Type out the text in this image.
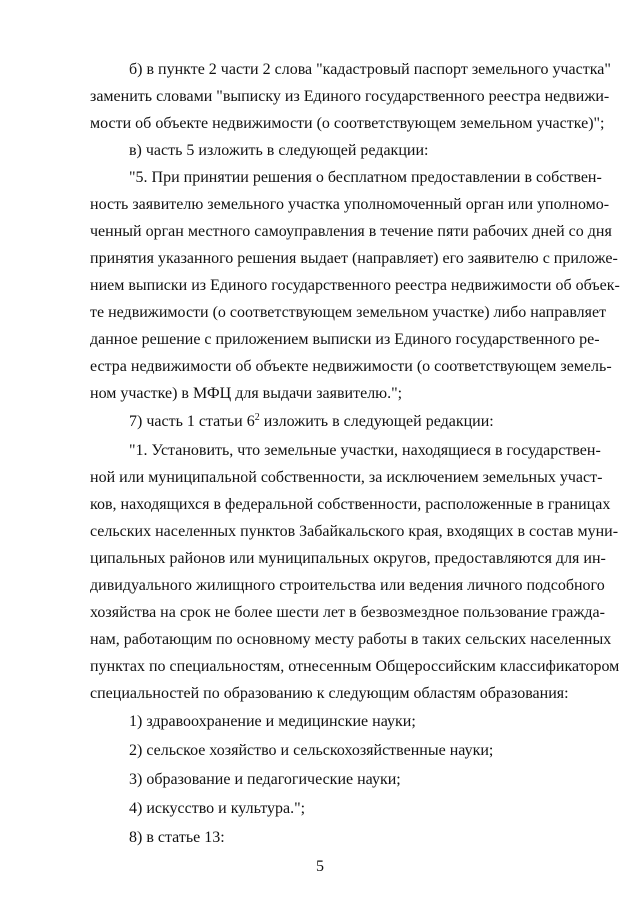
б) в пункте 2 части 2 слова "кадастровый паспорт земельного участка"
заменить словами "выписку из Единого государственного реестра недвижи-
мости об объекте недвижимости (о соответствующем земельном участке)";
в) часть 5 изложить в следующей редакции:
"5. При принятии решения о бесплатном предоставлении в собствен-
ность заявителю земельного участка уполномоченный орган или уполномо-
ченный орган местного самоуправления в течение пяти рабочих дней со дня
принятия указанного решения выдает (направляет) его заявителю с приложе-
нием выписки из Единого государственного реестра недвижимости об объек-
те недвижимости (о соответствующем земельном участке) либо направляет
данное решение с приложением выписки из Единого государственного ре-
естра недвижимости об объекте недвижимости (о соответствующем земель-
ном участке) в МФЦ для выдачи заявителю.";
7) часть 1 статьи $6^2$ изложить в следующей редакции:
"1. Установить, что земельные участки, находящиеся в государствен-
ной или муниципальной собственности, за исключением земельных участ-
ков, находящихся в федеральной собственности, расположенные в границах
сельских населенных пунктов Забайкальского края, входящих в состав муни-
ципальных районов или муниципальных округов, предоставляются для ин-
дивидуального жилищного строительства или ведения личного подсобного
хозяйства на срок не более шести лет в безвозмездное пользование гражда-
нам, работающим по основному месту работы в таких сельских населенных
пунктах по специальностям, отнесенным Общероссийским классификатором
специальностей по образованию к следующим областям образования:
1) здравоохранение и медицинские науки;
2) сельское хозяйство и сельскохозяйственные науки;
3) образование и педагогические науки;
4) искусство и культура.";
8) в статье 13:
5
